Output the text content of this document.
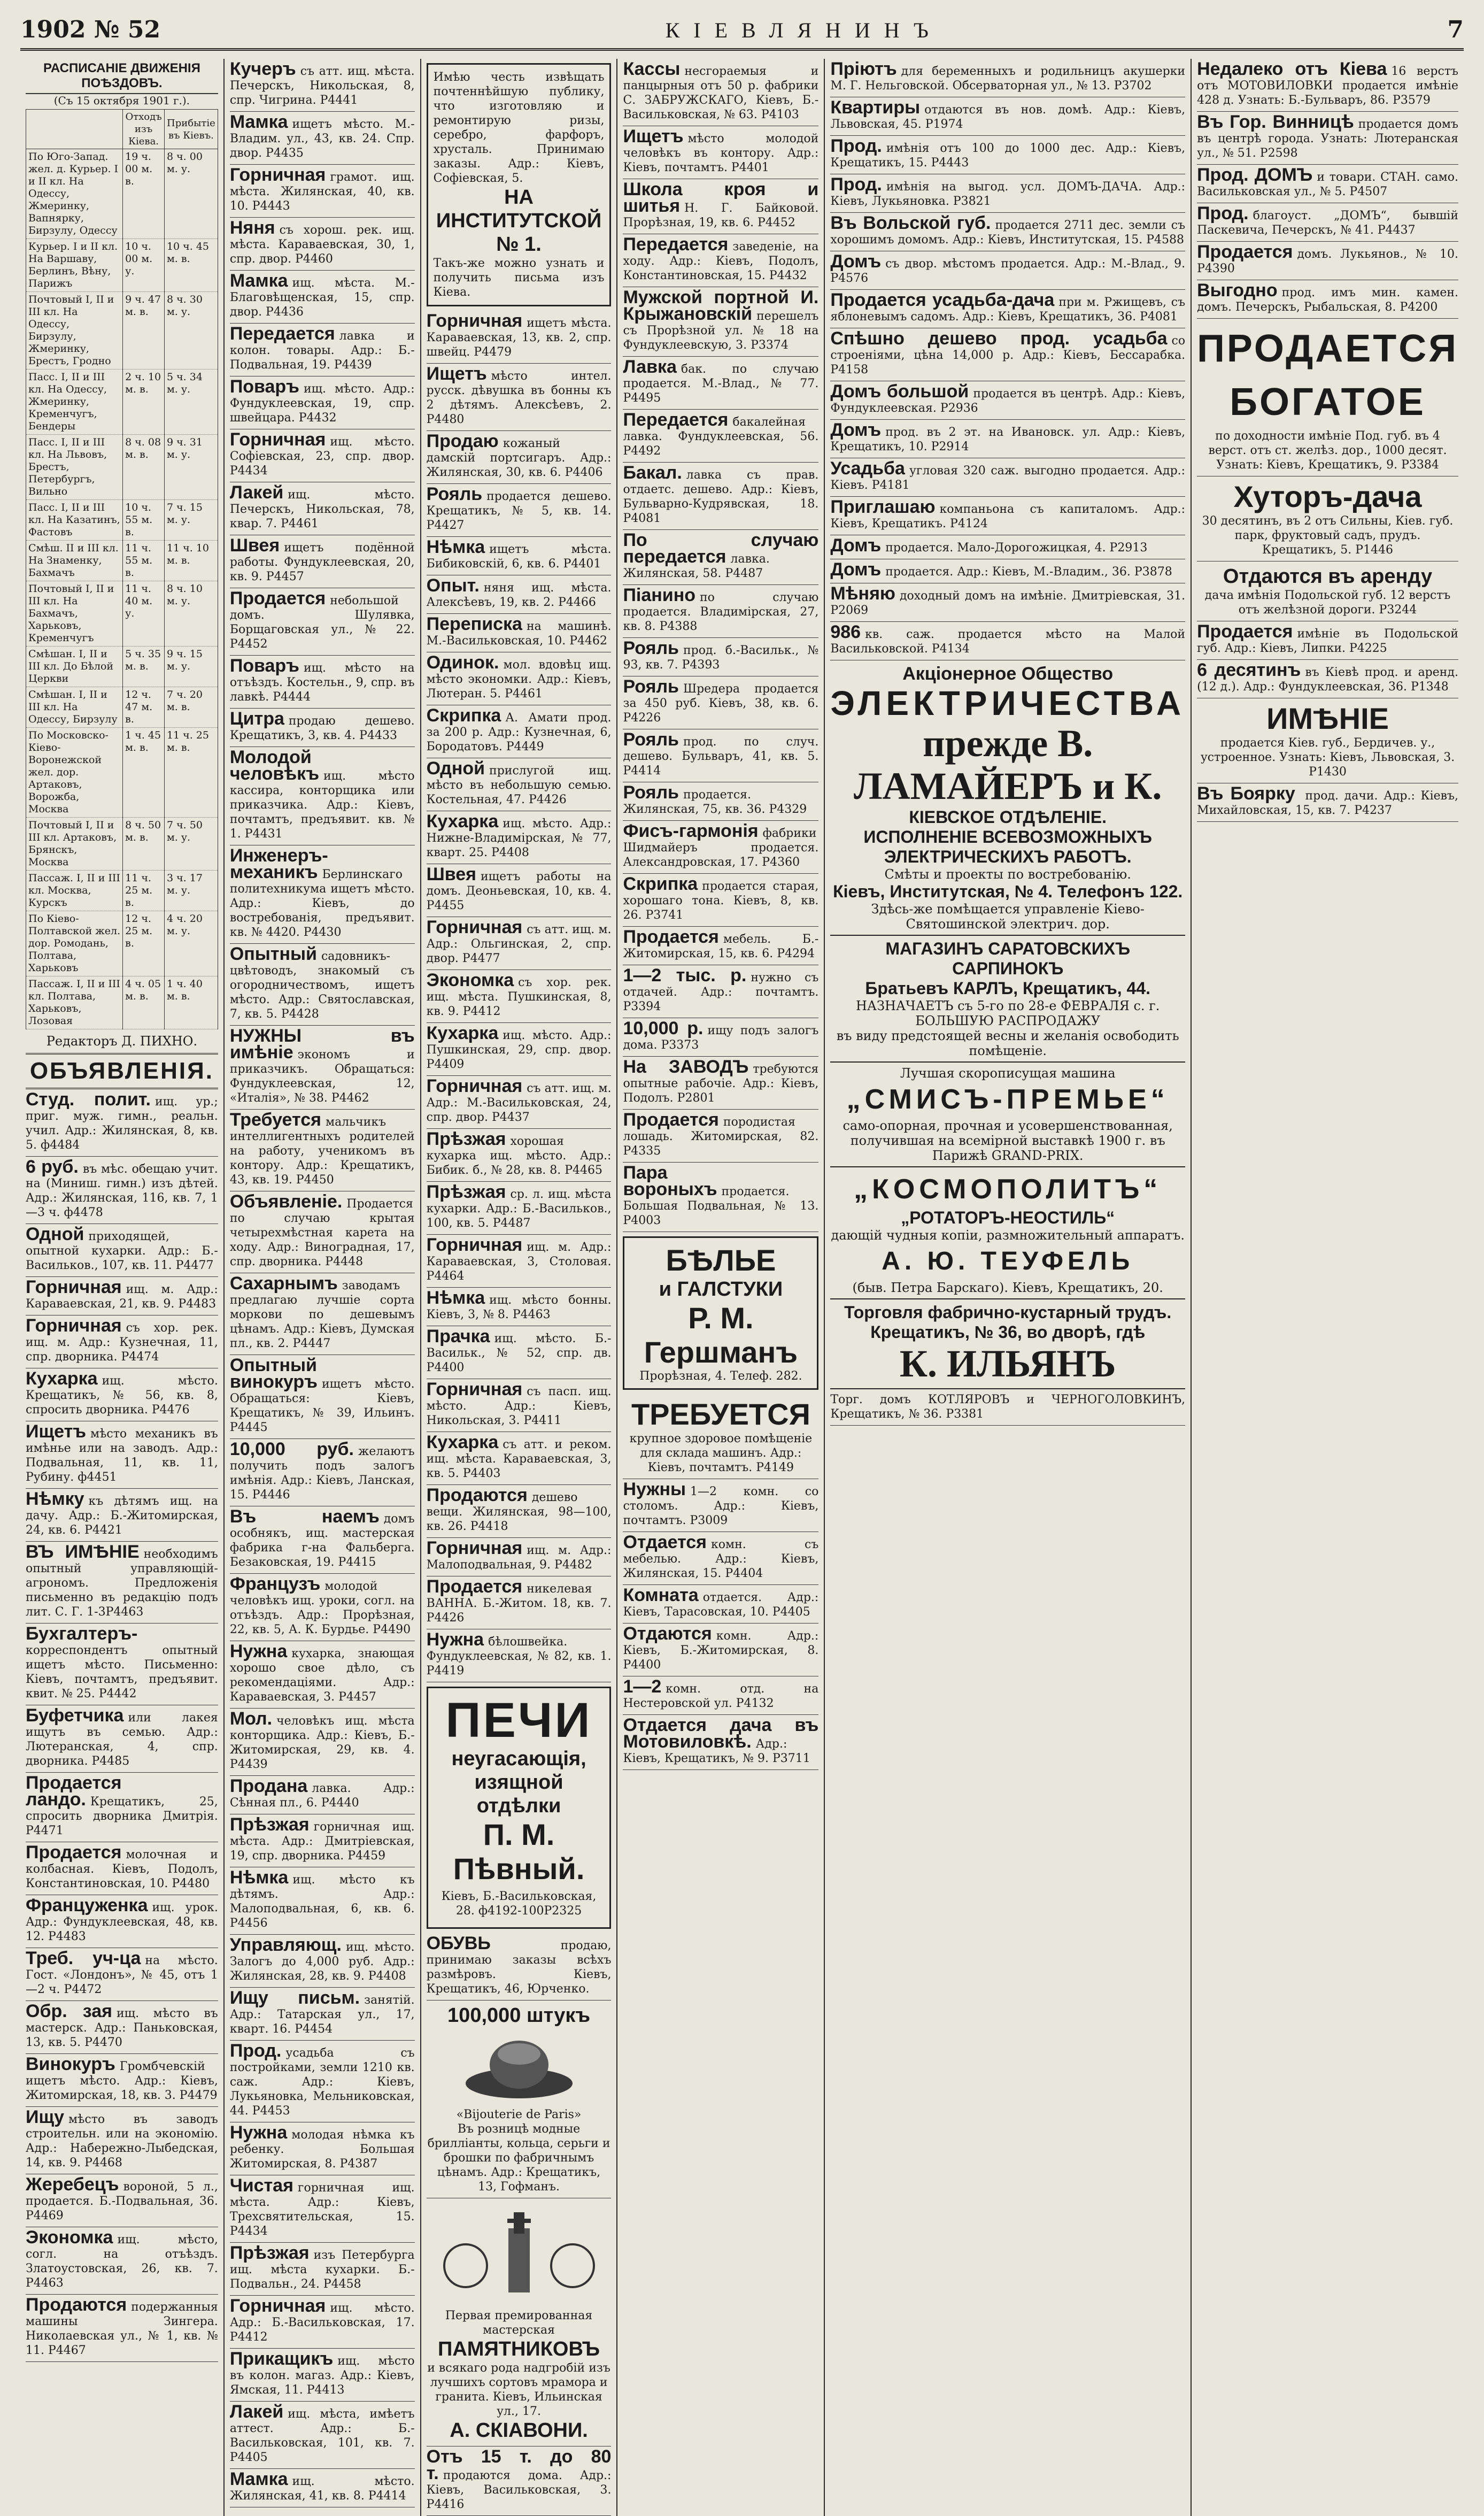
1902 № 52	КІЕВЛЯНИНЪ	7
РАСПИСАНІЕ ДВИЖЕНІЯ ПОѢЗДОВЪ.
(Съ 15 октября 1901 г.).
	Отходъ изъ Кіева.	Прибытіе въ Кіевъ.
По Юго-Запад. жел. д. Курьер. I и II кл. На Одессу, Жмеринку, Вапнярку, Бирзулу, Одессу	19 ч. 00 м. в.	8 ч. 00 м. у.
Курьер. I и II кл. На Варшаву, Берлинъ, Вѣну, Парижъ	10 ч. 00 м. у.	10 ч. 45 м. в.
Почтовый I, II и III кл. На Одессу, Бирзулу, Жмеринку, Брестъ, Гродно	9 ч. 47 м. в.	8 ч. 30 м. у.
Пасс. I, II и III кл. На Одессу, Жмеринку, Кременчугъ, Бендеры	2 ч. 10 м. в.	5 ч. 34 м. у.
Пасс. I, II и III кл. На Львовъ, Брестъ, Петербургъ, Вильно	8 ч. 08 м. в.	9 ч. 31 м. у.
Пасс. I, II и III кл. На Казатинъ, Фастовъ	10 ч. 55 м. в.	7 ч. 15 м. у.
Смѣш. II и III кл. На Знаменку, Бахмачъ	11 ч. 55 м. в.	11 ч. 10 м. в.
Почтовый I, II и III кл. На Бахмачъ, Харьковъ, Кременчугъ	11 ч. 40 м. у.	8 ч. 10 м. у.
Смѣшан. I, II и III кл. До Бѣлой Церкви	5 ч. 35 м. в.	9 ч. 15 м. у.
Смѣшан. I, II и III кл. На Одессу, Бирзулу	12 ч. 47 м. в.	7 ч. 20 м. в.
По Московско-Кіево-Воронежской жел. дор. Артаковъ, Ворожба, Москва	1 ч. 45 м. в.	11 ч. 25 м. в.
Почтовый I, II и III кл. Артаковъ, Брянскъ, Москва	8 ч. 50 м. в.	7 ч. 50 м. у.
Пассаж. I, II и III кл. Москва, Курскъ	11 ч. 25 м. в.	3 ч. 17 м. у.
По Кіево-Полтавской жел. дор. Ромодань, Полтава, Харьковъ	12 ч. 25 м. в.	4 ч. 20 м. у.
Пассаж. I, II и III кл. Полтава, Харьковъ, Лозовая	4 ч. 05 м. в.	1 ч. 40 м. в.
Редакторъ Д. ПИХНО.
ОБЪЯВЛЕНІЯ.
Студ. полит. ищ. ур.; приг. муж. гимн., реальн. учил. Адр.: Жилянская, 8, кв. 5. ф4484
6 руб. въ мѣс. обещаю учит. на (Миниш. гимн.) изъ дѣтей. Адр.: Жилянская, 116, кв. 7, 1—3 ч. ф4478
Одной приходящей, опытной кухарки. Адр.: Б.-Васильков., 107, кв. 11. Р4477
Горничная ищ. м. Адр.: Караваевская, 21, кв. 9. Р4483
Горничная съ хор. рек. ищ. м. Адр.: Кузнечная, 11, спр. дворника. Р4474
Кухарка ищ. мѣсто. Крещатикъ, № 56, кв. 8, спросить дворника. Р4476
Ищетъ мѣсто механикъ въ имѣнье или на заводъ. Адр.: Подвальная, 11, кв. 11, Рубину. ф4451
Нѣмку къ дѣтямъ ищ. на дачу. Адр.: Б.-Житомирская, 24, кв. 6. Р4421
ВЪ ИМѢНІЕ необходимъ опытный управляющій-агрономъ. Предложенія письменно въ редакцію подъ лит. С. Г. 1-3Р4463
Бухгалтеръ-корреспондентъ опытный ищетъ мѣсто. Письменно: Кіевъ, почтамтъ, предъявит. квит. № 25. Р4442
Буфетчика или лакея ищутъ въ семью. Адр.: Лютеранская, 4, спр. дворника. Р4485
Продается ландо. Крещатикъ, 25, спросить дворника Дмитрія. Р4471
Продается молочная и колбасная. Кіевъ, Подолъ, Константиновская, 10. Р4480
Француженка ищ. урок. Адр.: Фундуклеевская, 48, кв. 12. Р4483
Треб. уч-ца на мѣсто. Гост. «Лондонъ», № 45, отъ 1—2 ч. Р4472
Обр. зая ищ. мѣсто въ мастерск. Адр.: Паньковская, 13, кв. 5. Р4470
Винокуръ Громбчевскій ищетъ мѣсто. Адр.: Кіевъ, Житомирская, 18, кв. 3. Р4479
Ищу мѣсто въ заводъ строительн. или на экономію. Адр.: Набережно-Лыбедская, 14, кв. 9. Р4468
Жеребецъ вороной, 5 л., продается. Б.-Подвальная, 36. Р4469
Экономка ищ. мѣсто, согл. на отъѣздъ. Златоустовская, 26, кв. 7. Р4463
Продаются подержанныя машины Зингера. Николаевская ул., № 1, кв. № 11. Р4467
Кучеръ съ атт. ищ. мѣста. Печерскъ, Никольская, 8, спр. Чигрина. Р4441
Мамка ищетъ мѣсто. М.-Владим. ул., 43, кв. 24. Спр. двор. Р4435
Горничная грамот. ищ. мѣста. Жилянская, 40, кв. 10. Р4443
Няня съ хорош. рек. ищ. мѣста. Караваевская, 30, 1, спр. двор. Р4460
Мамка ищ. мѣста. М.-Благовѣщенская, 15, спр. двор. Р4436
Передается лавка и колон. товары. Адр.: Б.-Подвальная, 19. Р4439
Поваръ ищ. мѣсто. Адр.: Фундуклеевская, 19, спр. швейцара. Р4432
Горничная ищ. мѣсто. Софіевская, 23, спр. двор. Р4434
Лакей ищ. мѣсто. Печерскъ, Никольская, 78, квар. 7. Р4461
Швея ищетъ подённой работы. Фундуклеевская, 20, кв. 9. Р4457
Продается небольшой домъ. Шулявка, Борщаговская ул., № 22. Р4452
Поваръ ищ. мѣсто на отъѣздъ. Костельн., 9, спр. въ лавкѣ. Р4444
Цитра продаю дешево. Крещатикъ, 3, кв. 4. Р4433
Молодой человѣкъ ищ. мѣсто кассира, конторщика или приказчика. Адр.: Кіевъ, почтамтъ, предъявит. кв. № 1. Р4431
Инженеръ-механикъ Берлинскаго политехникума ищетъ мѣсто. Адр.: Кіевъ, до востребованія, предъявит. кв. № 4420. Р4430
Опытный садовникъ-цвѣтоводъ, знакомый съ огородничествомъ, ищетъ мѣсто. Адр.: Святославская, 7, кв. 5. Р4428
НУЖНЫ въ имѣніе экономъ и приказчикъ. Обращаться: Фундуклеевская, 12, «Италія», № 38. Р4462
Требуется мальчикъ интеллигентныхъ родителей на работу, ученикомъ въ контору. Адр.: Крещатикъ, 43, кв. 19. Р4450
Объявленіе. Продается по случаю крытая четырехмѣстная карета на ходу. Адр.: Виноградная, 17, спр. дворника. Р4448
Сахарнымъ заводамъ предлагаю лучшіе сорта моркови по дешевымъ цѣнамъ. Адр.: Кіевъ, Думская пл., кв. 2. Р4447
Опытный винокуръ ищетъ мѣсто. Обращаться: Кіевъ, Крещатикъ, № 39, Ильинъ. Р4445
10,000 руб. желаютъ получить подъ залогъ имѣнія. Адр.: Кіевъ, Ланская, 15. Р4446
Въ наемъ домъ особнякъ, ищ. мастерская фабрика г-на Фальберга. Безаковская, 19. Р4415
Французъ молодой человѣкъ ищ. уроки, согл. на отъѣздъ. Адр.: Прорѣзная, 22, кв. 5, А. К. Бурдье. Р4490
Нужна кухарка, знающая хорошо свое дѣло, съ рекомендаціями. Адр.: Караваевская, 3. Р4457
Мол. человѣкъ ищ. мѣста конторщика. Адр.: Кіевъ, Б.-Житомирская, 29, кв. 4. Р4439
Продана лавка. Адр.: Сѣнная пл., 6. Р4440
Прѣзжая горничная ищ. мѣста. Адр.: Дмитріевская, 19, спр. дворника. Р4459
Нѣмка ищ. мѣсто къ дѣтямъ. Адр.: Малоподвальная, 6, кв. 6. Р4456
Управляющ. ищ. мѣсто. Залогъ до 4,000 руб. Адр.: Жилянская, 28, кв. 9. Р4408
Ищу письм. занятій. Адр.: Татарская ул., 17, кварт. 16. Р4454
Прод. усадьба съ постройками, земли 1210 кв. саж. Адр.: Кіевъ, Лукьяновка, Мельниковская, 44. Р4453
Нужна молодая нѣмка къ ребенку. Большая Житомирская, 8. Р4387
Чистая горничная ищ. мѣста. Адр.: Кіевъ, Трехсвятительская, 15. Р4434
Прѣзжая изъ Петербурга ищ. мѣста кухарки. Б.-Подвальн., 24. Р4458
Горничная ищ. мѣсто. Адр.: Б.-Васильковская, 17. Р4412
Прикащикъ ищ. мѣсто въ колон. магаз. Адр.: Кіевъ, Ямская, 11. Р4413
Лакей ищ. мѣста, имѣетъ аттест. Адр.: Б.-Васильковская, 101, кв. 7. Р4405
Мамка ищ. мѣсто. Жилянская, 41, кв. 8. Р4414
Имѣю честь извѣщать почтеннѣйшую публику, что изготовляю и ремонтирую ризы, серебро, фарфоръ, хрусталь. Принимаю заказы. Адр.: Кіевъ, Софіевская, 5.
НА ИНСТИТУТСКОЙ № 1.
Такъ-же можно узнать и получить письма изъ Кіева.
Горничная ищетъ мѣста. Караваевская, 13, кв. 2, спр. швейц. Р4479
Ищетъ мѣсто интел. русск. дѣвушка въ бонны къ 2 дѣтямъ. Алексѣевъ, 2. Р4480
Продаю кожаный дамскій портсигаръ. Адр.: Жилянская, 30, кв. 6. Р4406
Рояль продается дешево. Крещатикъ, № 5, кв. 14. Р4427
Нѣмка ищетъ мѣста. Бибиковскій, 6, кв. 6. Р4401
Опыт. няня ищ. мѣста. Алексѣевъ, 19, кв. 2. Р4466
Переписка на машинѣ. М.-Васильковская, 10. Р4462
Одинок. мол. вдовѣц ищ. мѣсто экономки. Адр.: Кіевъ, Лютеран. 5. Р4461
Скрипка А. Амати прод. за 200 р. Адр.: Кузнечная, 6, Бородатовъ. Р4449
Одной прислугой ищ. мѣсто въ небольшую семью. Костельная, 47. Р4426
Кухарка ищ. мѣсто. Адр.: Нижне-Владимірская, № 77, кварт. 25. Р4408
Швея ищетъ работы на домъ. Деоньевская, 10, кв. 4. Р4455
Горничная съ атт. ищ. м. Адр.: Ольгинская, 2, спр. двор. Р4477
Экономка съ хор. рек. ищ. мѣста. Пушкинская, 8, кв. 9. Р4412
Кухарка ищ. мѣсто. Адр.: Пушкинская, 29, спр. двор. Р4409
Горничная съ атт. ищ. м. Адр.: М.-Васильковская, 24, спр. двор. Р4437
Прѣзжая хорошая кухарка ищ. мѣсто. Адр.: Бибик. б., № 28, кв. 8. Р4465
Прѣзжая ср. л. ищ. мѣста кухарки. Адр.: Б.-Васильков., 100, кв. 5. Р4487
Горничная ищ. м. Адр.: Караваевская, 3, Столовая. Р4464
Нѣмка ищ. мѣсто бонны. Кіевъ, 3, № 8. Р4463
Прачка ищ. мѣсто. Б.-Васильк., № 52, спр. дв. Р4400
Горничная съ пасп. ищ. мѣсто. Адр.: Кіевъ, Никольская, 3. Р4411
Кухарка съ атт. и реком. ищ. мѣста. Караваевская, 3, кв. 5. Р4403
Продаются дешево вещи. Жилянская, 98—100, кв. 26. Р4418
Горничная ищ. м. Адр.: Малоподвальная, 9. Р4482
Продается никелевая ВАННА. Б.-Житом. 18, кв. 7. Р4426
Нужна бѣлошвейка. Фундуклеевская, № 82, кв. 1. Р4419
ПЕЧИ
неугасающія, изящной отдѣлки
П. М. Пѣвный.
Кіевъ, Б.-Васильковская, 28. ф4192-100Р2325
ОБУВЬ	продаю, принимаю заказы всѣхъ размѣровъ. Кіевъ, Крещатикъ, 46, Юрченко.
100,000 штукъ
«Bijouterie de Paris»
Въ розницѣ модные брилліанты, кольца, серьги и брошки по фабричнымъ цѣнамъ. Адр.: Крещатикъ, 13, Гофманъ.
Первая премированная мастерская
ПАМЯТНИКОВЪ
и всякаго рода надгробій изъ лучшихъ сортовъ мрамора и гранита. Кіевъ, Ильинская ул., 17.
А. СКІАВОНИ.
Отъ 15 т. до 80 т. продаются дома. Адр.: Кіевъ, Васильковская, 3. Р4416
Кассы несгораемыя и панцырныя отъ 50 р. фабрики С. ЗАБРУЖСКАГО, Кіевъ, Б.-Васильковская, № 63. Р4103
Ищетъ мѣсто молодой человѣкъ въ контору. Адр.: Кіевъ, почтамтъ. Р4401
Школа кроя и шитья Н. Г. Байковой. Прорѣзная, 19, кв. 6. Р4452
Передается заведеніе, на ходу. Адр.: Кіевъ, Подолъ, Константиновская, 15. Р4432
Мужской портной И. Крыжановскій перешелъ съ Прорѣзной ул. № 18 на Фундуклеевскую, 3. Р3374
Лавка бак. по случаю продается. М.-Влад., № 77. Р4495
Передается бакалейная лавка. Фундуклеевская, 56. Р4492
Бакал. лавка съ прав. отдаетс. дешево. Адр.: Кіевъ, Бульварно-Кудрявская, 18. Р4081
По случаю передается лавка. Жилянская, 58. Р4487
Пiанино по случаю продается. Владимірская, 27, кв. 8. Р4388
Рояль прод. б.-Васильк., № 93, кв. 7. Р4393
Рояль Шредера продается за 450 руб. Кіевъ, 38, кв. 6. Р4226
Рояль прод. по случ. дешево. Бульваръ, 41, кв. 5. Р4414
Рояль продается. Жилянская, 75, кв. 36. Р4329
Фисъ-гармонія фабрики Шидмайеръ продается. Александровская, 17. Р4360
Скрипка продается старая, хорошаго тона. Кіевъ, 8, кв. 26. Р3741
Продается мебель. Б.-Житомирская, 15, кв. 6. Р4294
1—2 тыс. р. нужно съ отдачей. Адр.: почтамтъ. Р3394
10,000 р. ищу подъ залогъ дома. Р3373
На ЗАВОДЪ требуются опытные рабочіе. Адр.: Кіевъ, Подолъ. Р2801
Продается породистая лошадь. Житомирская, 82. Р4335
Пара вороныхъ продается. Большая Подвальная, № 13. Р4003
БѢЛЬЕ
и ГАЛСТУКИ
Р. М. Гершманъ
Прорѣзная, 4. Телеф. 282.
ТРЕБУЕТСЯ
крупное здоровое помѣщеніе для склада машинъ. Адр.: Кіевъ, почтамтъ. Р4149
Нужны 1—2 комн. со столомъ. Адр.: Кіевъ, почтамтъ. Р3009
Отдается комн. съ мебелью. Адр.: Кіевъ, Жилянская, 15. Р4404
Комната отдается. Адр.: Кіевъ, Тарасовская, 10. Р4405
Отдаются комн. Адр.: Кіевъ, Б.-Житомирская, 8. Р4400
1—2 комн. отд. на Нестеровской ул. Р4132
Отдается дача въ Мотовиловкѣ. Адр.: Кіевъ, Крещатикъ, № 9. Р3711
Пріютъ для беременныхъ и родильницъ акушерки М. Г. Нельговской. Обсерваторная ул., № 13. Р3702
Квартиры отдаются въ нов. домѣ. Адр.: Кіевъ, Львовская, 45. Р1974
Прод. имѣнія отъ 100 до 1000 дес. Адр.: Кіевъ, Крещатикъ, 15. Р4443
Прод. имѣнія на выгод. усл. ДОМЪ-ДАЧА. Адр.: Кіевъ, Лукьяновка. Р3821
Въ Вольской губ. продается 2711 дес. земли съ хорошимъ домомъ. Адр.: Кіевъ, Институтская, 15. Р4588
Домъ съ двор. мѣстомъ продается. Адр.: М.-Влад., 9. Р4576
Продается усадьба-дача при м. Ржищевъ, съ яблоневымъ садомъ. Адр.: Кіевъ, Крещатикъ, 36. Р4081
Спѣшно дешево прод. усадьба со строеніями, цѣна 14,000 р. Адр.: Кіевъ, Бессарабка. Р4158
Домъ большой продается въ центрѣ. Адр.: Кіевъ, Фундуклеевская. Р2936
Домъ прод. въ 2 эт. на Ивановск. ул. Адр.: Кіевъ, Крещатикъ, 10. Р2914
Усадьба угловая 320 саж. выгодно продается. Адр.: Кіевъ. Р4181
Приглашаю компаньона съ капиталомъ. Адр.: Кіевъ, Крещатикъ. Р4124
Домъ продается. Мало-Дорогожицкая, 4. Р2913
Домъ продается. Адр.: Кіевъ, М.-Владим., 36. Р3878
Мѣняю доходный домъ на имѣніе. Дмитріевская, 31. Р2069
986 кв. саж. продается мѣсто на Малой Васильковской. Р4134
Акціонерное Общество
ЭЛЕКТРИЧЕСТВА
прежде В. ЛАМАЙЕРЪ и К.
КІЕВСКОЕ ОТДѢЛЕНІЕ.
ИСПОЛНЕНІЕ ВСЕВОЗМОЖНЫХЪ ЭЛЕКТРИЧЕСКИХЪ РАБОТЪ.
Смѣты и проекты по востребованію.
Кіевъ, Институтская, № 4. Телефонъ 122.
Здѣсь-же помѣщается управленіе Кіево-Святошинской электрич. дор.
МАГАЗИНЪ САРАТОВСКИХЪ САРПИНОКЪ
Братьевъ КАРЛЪ, Крещатикъ, 44.
НАЗНАЧАЕТЪ съ 5-го по 28-е ФЕВРАЛЯ с. г. БОЛЬШУЮ РАСПРОДАЖУ
въ виду предстоящей весны и желанія освободить помѣщеніе.
Лучшая скорописущая машина
„СМИСЪ-ПРЕМЬЕ“
само-опорная, прочная и усовершенствованная, получившая на всемірной выставкѣ 1900 г. въ Парижѣ GRAND-PRIX.
„КОСМОПОЛИТЪ“
„РОТАТОРЪ-НЕОСТИЛЬ“
дающій чудныя копіи, размножительный аппаратъ.
А. Ю. ТЕУФЕЛЬ
(быв. Петра Барскаго). Кіевъ, Крещатикъ, 20.
Торговля фабрично-кустарный трудъ.
Крещатикъ, № 36, во дворѣ, гдѣ
К. ИЛЬЯНЪ
Торг. домъ КОТЛЯРОВЪ и ЧЕРНОГОЛОВКИНЪ, Крещатикъ, № 36. Р3381
Недалеко отъ Кіева 16 верстъ отъ МОТОВИЛОВКИ продается имѣніе 428 д. Узнать: Б.-Бульваръ, 86. Р3579
Въ Гор. Винницѣ продается домъ въ центрѣ города. Узнать: Лютеранская ул., № 51. Р2598
Прод. ДОМЪ и товари. СТАН. само. Васильковская ул., № 5. Р4507
Прод. благоуст. „ДОМЪ“, бывшій Паскевича, Печерскъ, № 41. Р4437
Продается домъ. Лукьянов., № 10. Р4390
Выгодно прод. имъ мин. камен. домъ. Печерскъ, Рыбальская, 8. Р4200
ПРОДАЕТСЯ
БОГАТОЕ
по доходности имѣніе Под. губ. въ 4 верст. отъ ст. желѣз. дор., 1000 десят. Узнать: Кіевъ, Крещатикъ, 9. Р3384
Хуторъ-дача
30 десятинъ, въ 2 отъ Сильны, Кіев. губ. парк, фруктовый садъ, прудъ. Крещатикъ, 5. Р1446
Отдаются въ аренду
дача имѣнія Подольской губ. 12 верстъ отъ желѣзной дороги. Р3244
Продается имѣніе въ Подольской губ. Адр.: Кіевъ, Липки. Р4225
6 десятинъ въ Кіевѣ прод. и аренд. (12 д.). Адр.: Фундуклеевская, 36. Р1348
ИМѢНІЕ
продается Кіев. губ., Бердичев. у., устроенное. Узнать: Кіевъ, Львовская, 3. Р1430
Въ Боярку прод. дачи. Адр.: Кіевъ, Михайловская, 15, кв. 7. Р4237
